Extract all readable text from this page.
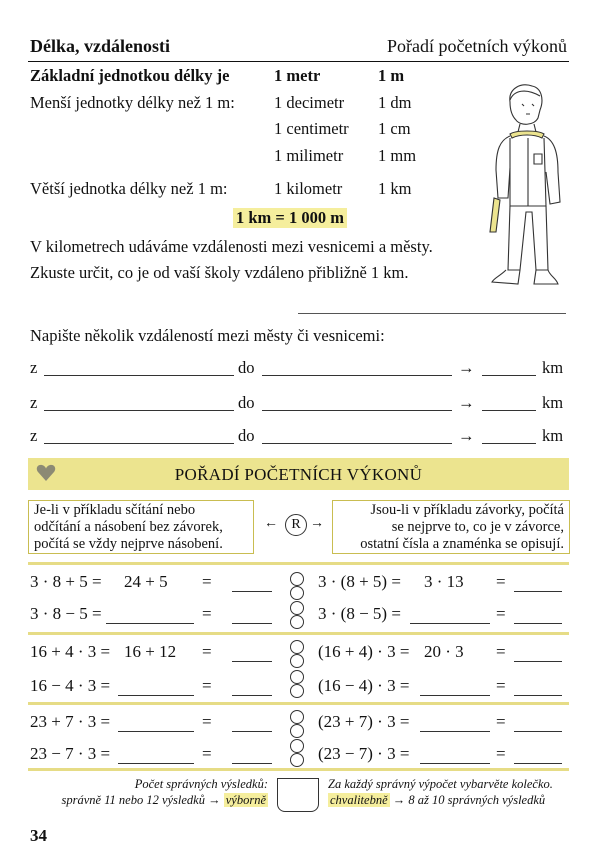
Délka, vzdálenosti	Pořadí početních výkonů
Základní jednotkou délky je	1 metr	1 m
Menší jednotky délky než 1 m: 1 decimetr 1 dm
1 centimetr 1 cm
1 milimetr 1 mm
Větší jednotka délky než 1 m:	1 kilometr 1 km
1 km = 1 000 m
V kilometrech udáváme vzdálenosti mezi vesnicemi a městy.
Zkuste určit, co je od vaší školy vzdáleno přibližně 1 km.
Napište několik vzdáleností mezi městy či vesnicemi:
z	do	→	km
z	do	→	km
z	do	→	km
POŘADÍ POČETNÍCH VÝKONŮ
Je-li v příkladu sčítání nebo
odčítání a násobení bez závorek,
počítá se vždy nejprve násobení.
← R →
Jsou-li v příkladu závorky, počítá
se nejprve to, co je v závorce,
ostatní čísla a znaménka se opisují.
3 · 8 + 5 = 24 + 5 =	3 · (8 + 5) = 3 · 13 =
3 · 8 − 5 =	=	3 · (8 − 5) =	=
16 + 4 · 3 = 16 + 12 =	(16 + 4) · 3 = 20 · 3 =
16 − 4 · 3 =	=	(16 − 4) · 3 =	=
23 + 7 · 3 =	=	(23 + 7) · 3 =	=
23 − 7 · 3 =	=	(23 − 7) · 3 =	=
Počet správných výsledků:
správně 11 nebo 12 výsledků → výborně
Za každý správný výpočet vybarvěte kolečko.
chvalitebně → 8 až 10 správných výsledků
34
